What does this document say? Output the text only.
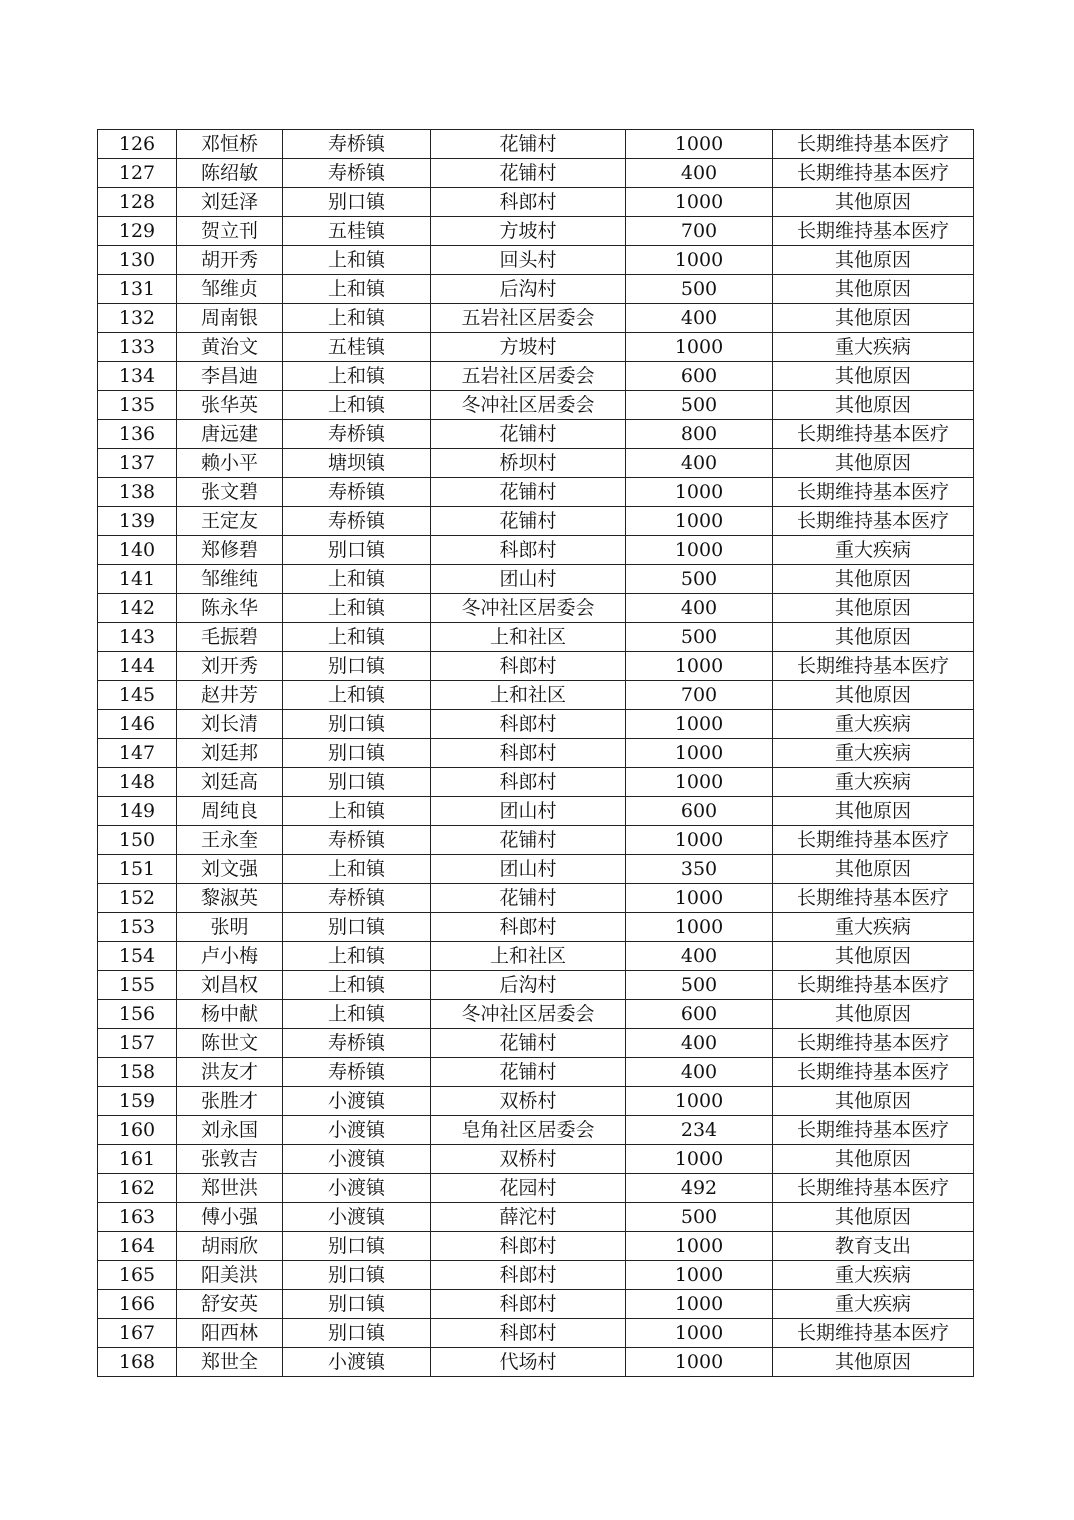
126	邓恒桥	寿桥镇	花铺村	1000	长期维持基本医疗
127	陈绍敏	寿桥镇	花铺村	400	长期维持基本医疗
128	刘廷泽	别口镇	科郎村	1000	其他原因
129	贺立刊	五桂镇	方坡村	700	长期维持基本医疗
130	胡开秀	上和镇	回头村	1000	其他原因
131	邹维贞	上和镇	后沟村	500	其他原因
132	周南银	上和镇	五岩社区居委会	400	其他原因
133	黄治文	五桂镇	方坡村	1000	重大疾病
134	李昌迪	上和镇	五岩社区居委会	600	其他原因
135	张华英	上和镇	冬冲社区居委会	500	其他原因
136	唐远建	寿桥镇	花铺村	800	长期维持基本医疗
137	赖小平	塘坝镇	桥坝村	400	其他原因
138	张文碧	寿桥镇	花铺村	1000	长期维持基本医疗
139	王定友	寿桥镇	花铺村	1000	长期维持基本医疗
140	郑修碧	别口镇	科郎村	1000	重大疾病
141	邹维纯	上和镇	团山村	500	其他原因
142	陈永华	上和镇	冬冲社区居委会	400	其他原因
143	毛振碧	上和镇	上和社区	500	其他原因
144	刘开秀	别口镇	科郎村	1000	长期维持基本医疗
145	赵井芳	上和镇	上和社区	700	其他原因
146	刘长清	别口镇	科郎村	1000	重大疾病
147	刘廷邦	别口镇	科郎村	1000	重大疾病
148	刘廷高	别口镇	科郎村	1000	重大疾病
149	周纯良	上和镇	团山村	600	其他原因
150	王永奎	寿桥镇	花铺村	1000	长期维持基本医疗
151	刘文强	上和镇	团山村	350	其他原因
152	黎淑英	寿桥镇	花铺村	1000	长期维持基本医疗
153	张明	别口镇	科郎村	1000	重大疾病
154	卢小梅	上和镇	上和社区	400	其他原因
155	刘昌权	上和镇	后沟村	500	长期维持基本医疗
156	杨中献	上和镇	冬冲社区居委会	600	其他原因
157	陈世文	寿桥镇	花铺村	400	长期维持基本医疗
158	洪友才	寿桥镇	花铺村	400	长期维持基本医疗
159	张胜才	小渡镇	双桥村	1000	其他原因
160	刘永国	小渡镇	皂角社区居委会	234	长期维持基本医疗
161	张敦吉	小渡镇	双桥村	1000	其他原因
162	郑世洪	小渡镇	花园村	492	长期维持基本医疗
163	傅小强	小渡镇	薛沱村	500	其他原因
164	胡雨欣	别口镇	科郎村	1000	教育支出
165	阳美洪	别口镇	科郎村	1000	重大疾病
166	舒安英	别口镇	科郎村	1000	重大疾病
167	阳西林	别口镇	科郎村	1000	长期维持基本医疗
168	郑世全	小渡镇	代场村	1000	其他原因
